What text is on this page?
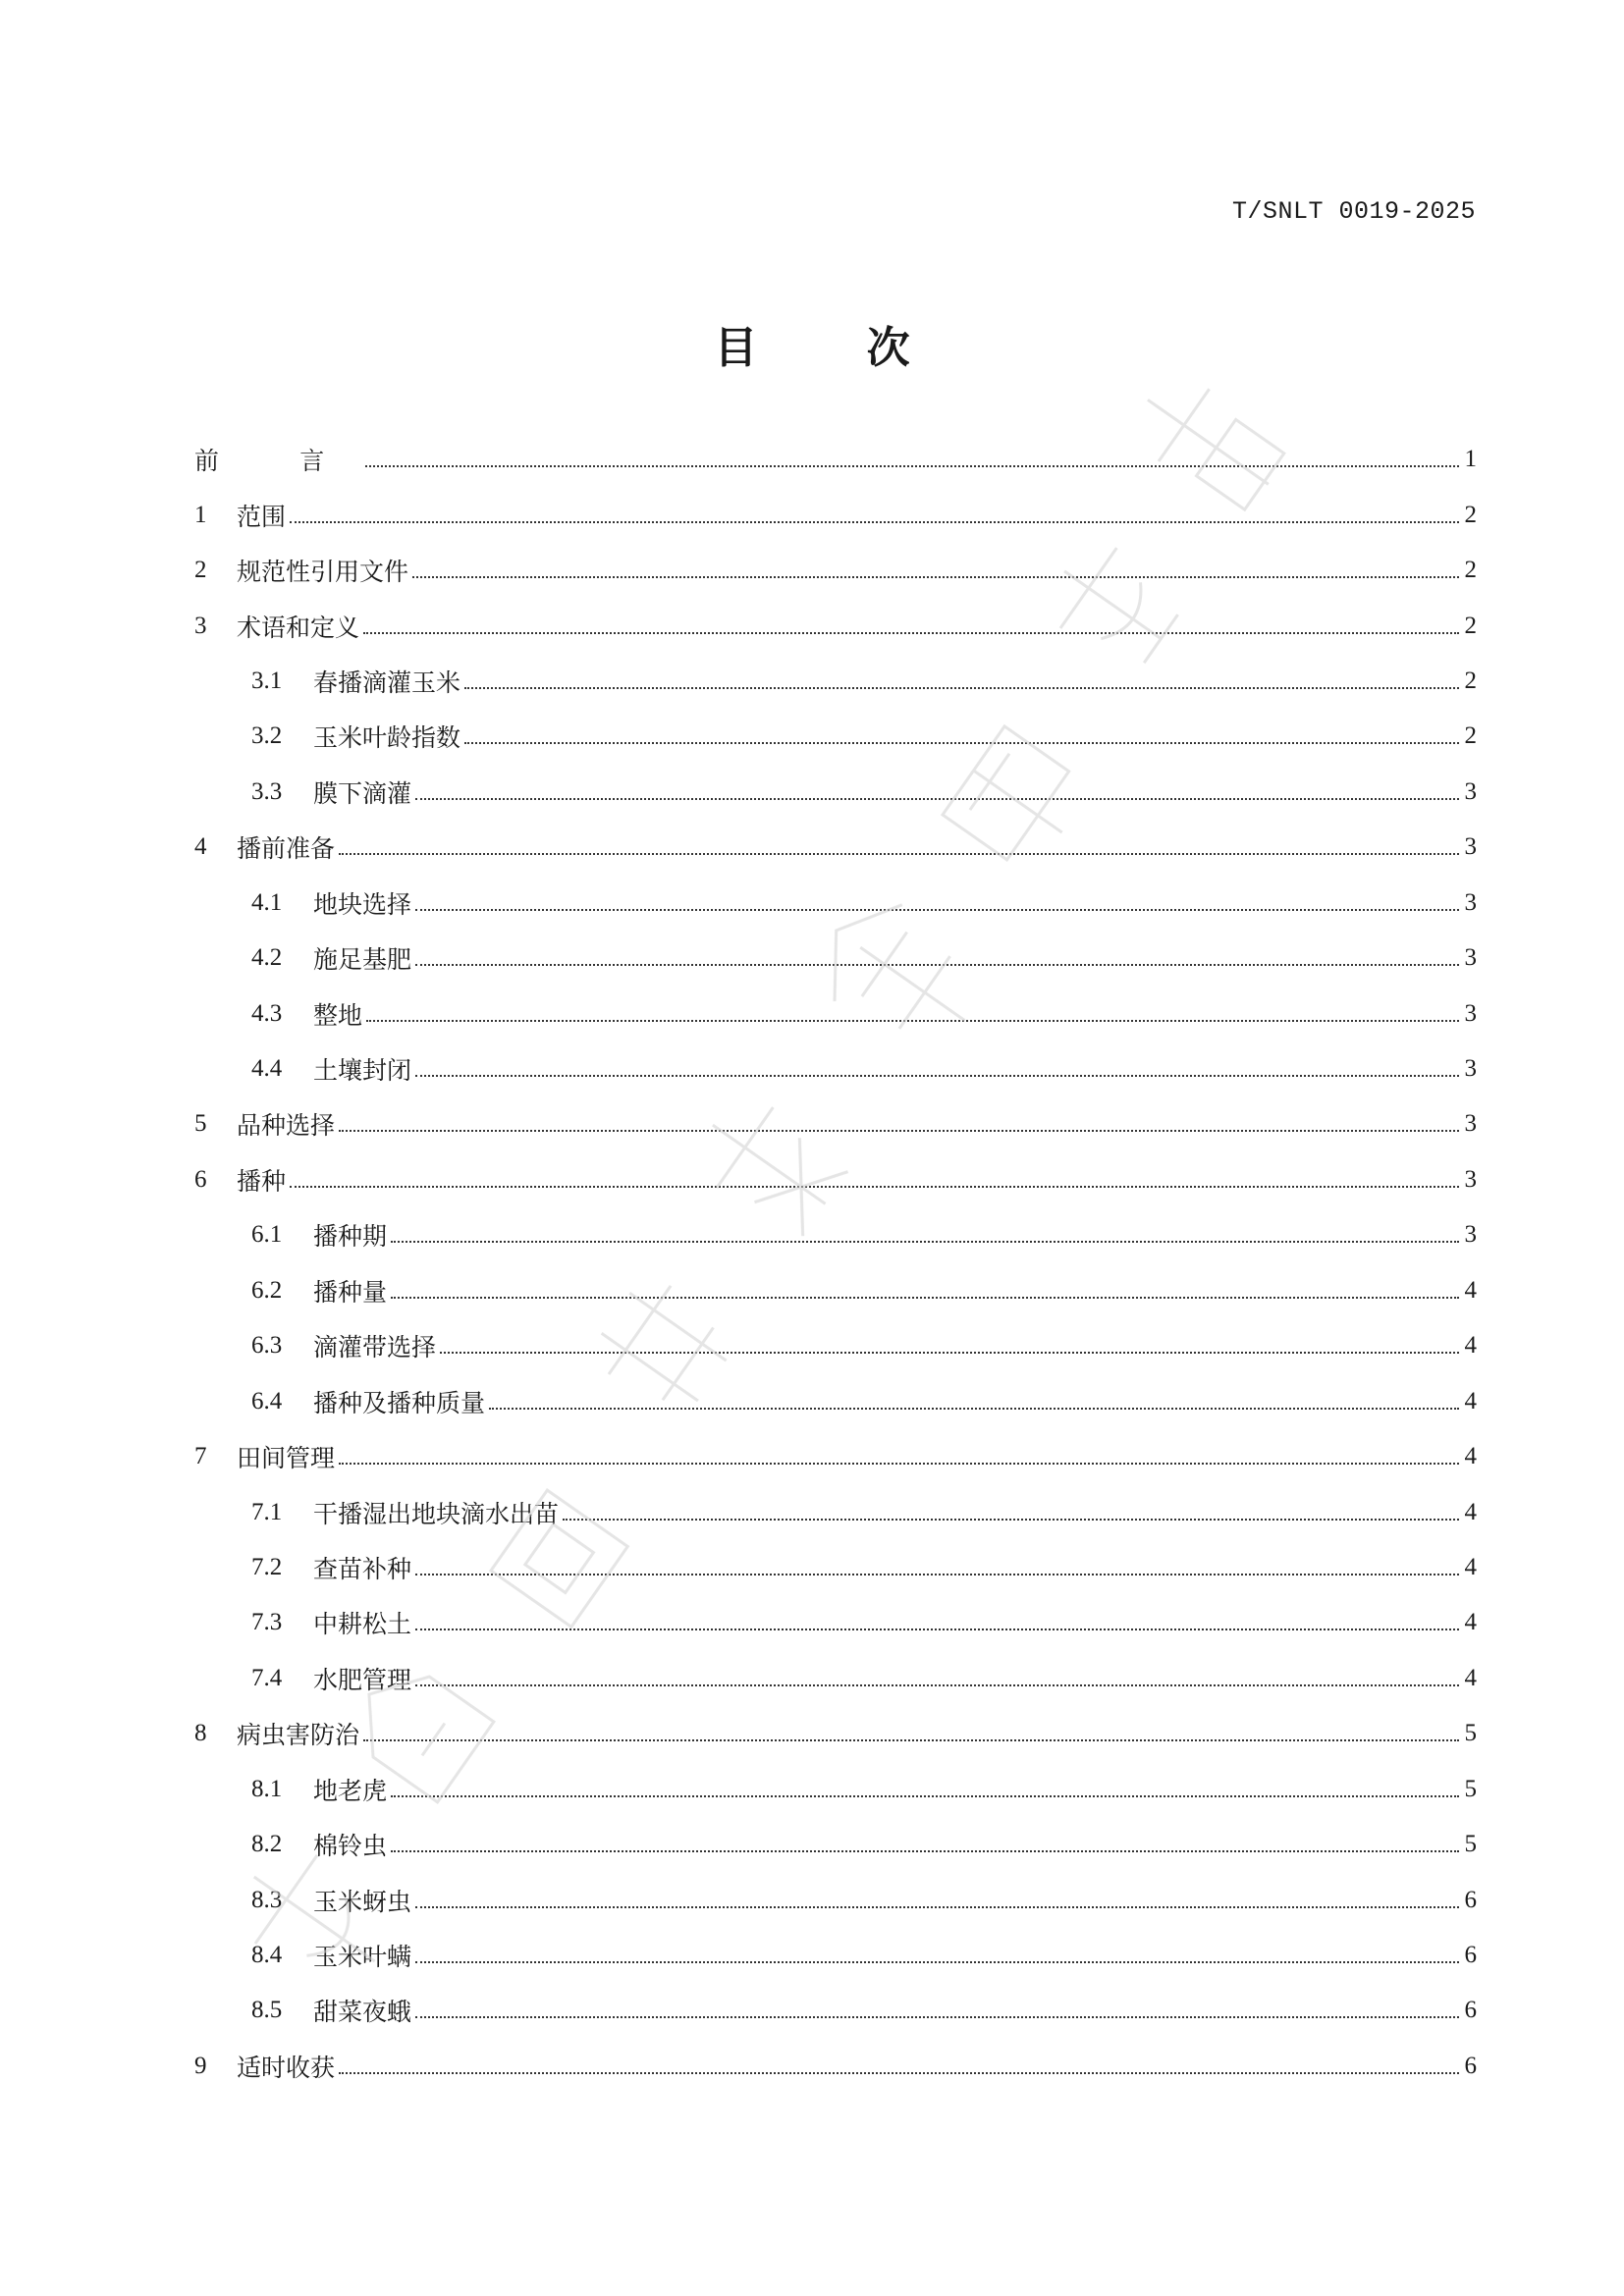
T/SNLT 0019-2025
目 次
前 言	1
1	范围	2
2	规范性引用文件	2
3	术语和定义	2
3.1	春播滴灌玉米	2
3.2	玉米叶龄指数	2
3.3	膜下滴灌	3
4	播前准备	3
4.1	地块选择	3
4.2	施足基肥	3
4.3	整地	3
4.4	土壤封闭	3
5	品种选择	3
6	播种	3
6.1	播种期	3
6.2	播种量	4
6.3	滴灌带选择	4
6.4	播种及播种质量	4
7	田间管理	4
7.1	干播湿出地块滴水出苗	4
7.2	查苗补种	4
7.3	中耕松土	4
7.4	水肥管理	4
8	病虫害防治	5
8.1	地老虎	5
8.2	棉铃虫	5
8.3	玉米蚜虫	6
8.4	玉米叶螨	6
8.5	甜菜夜蛾	6
9	适时收获	6
